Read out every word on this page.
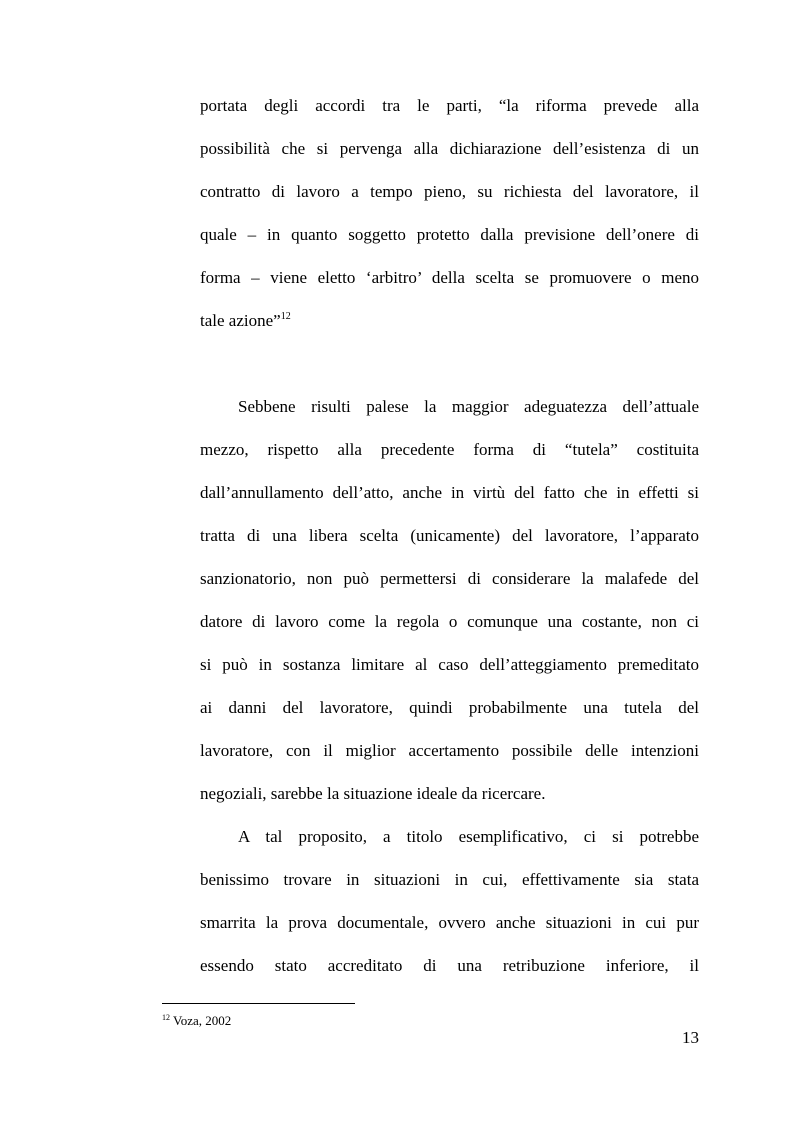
portata degli accordi tra le parti, “la riforma prevede alla
possibilità che si pervenga alla dichiarazione dell’esistenza di un
contratto di lavoro a tempo pieno, su richiesta del lavoratore, il
quale – in quanto soggetto protetto dalla previsione dell’onere di
forma – viene eletto ‘arbitro’ della scelta se promuovere o meno
tale azione”$^{12}$
Sebbene risulti palese la maggior adeguatezza dell’attuale
mezzo, rispetto alla precedente forma di “tutela” costituita
dall’annullamento dell’atto, anche in virtù del fatto che in effetti si
tratta di una libera scelta (unicamente) del lavoratore, l’apparato
sanzionatorio, non può permettersi di considerare la malafede del
datore di lavoro come la regola o comunque una costante, non ci
si può in sostanza limitare al caso dell’atteggiamento premeditato
ai danni del lavoratore, quindi probabilmente una tutela del
lavoratore, con il miglior accertamento possibile delle intenzioni
negoziali, sarebbe la situazione ideale da ricercare.
A tal proposito, a titolo esemplificativo, ci si potrebbe
benissimo trovare in situazioni in cui, effettivamente sia stata
smarrita la prova documentale, ovvero anche situazioni in cui pur
essendo stato accreditato di una retribuzione inferiore, il
$^{12}$ Voza, 2002
13
